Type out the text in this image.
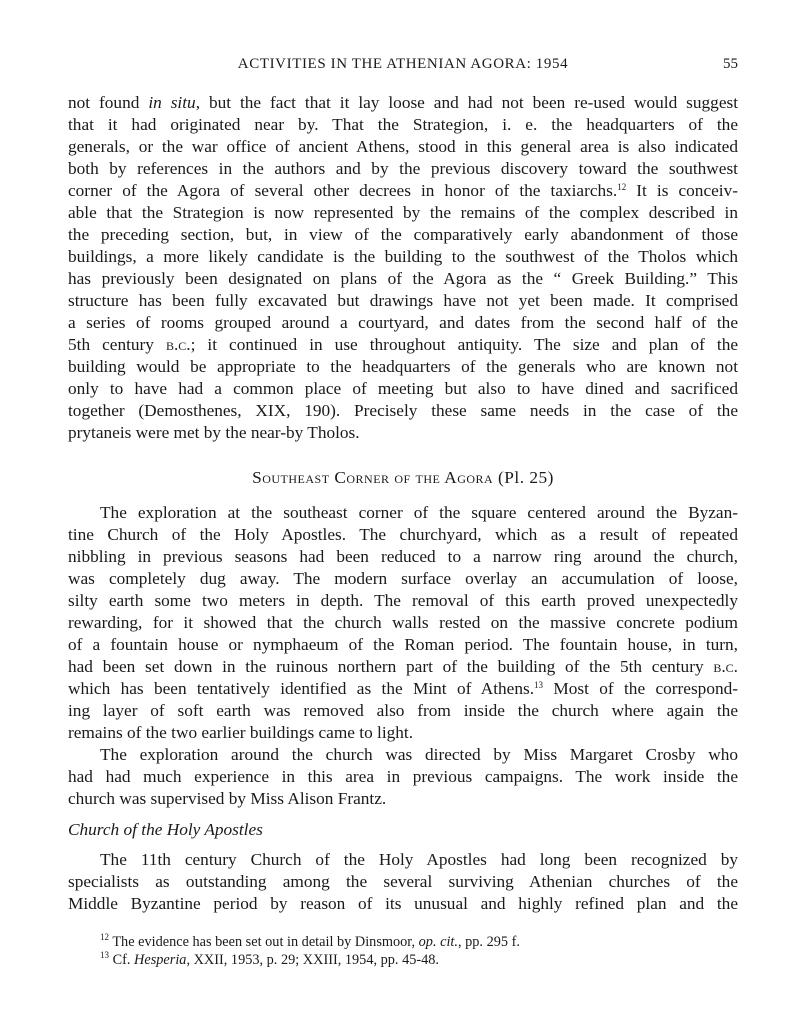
ACTIVITIES IN THE ATHENIAN AGORA: 1954	55
not found in situ, but the fact that it lay loose and had not been re-used would suggest
that it had originated near by. That the Strategion, i. e. the headquarters of the
generals, or the war office of ancient Athens, stood in this general area is also indicated
both by references in the authors and by the previous discovery toward the southwest
corner of the Agora of several other decrees in honor of the taxiarchs.$^{12}$ It is conceiv-
able that the Strategion is now represented by the remains of the complex described in
the preceding section, but, in view of the comparatively early abandonment of those
buildings, a more likely candidate is the building to the southwest of the Tholos which
has previously been designated on plans of the Agora as the “ Greek Building.” This
structure has been fully excavated but drawings have not yet been made. It comprised
a series of rooms grouped around a courtyard, and dates from the second half of the
5th century b.c.; it continued in use throughout antiquity. The size and plan of the
building would be appropriate to the headquarters of the generals who are known not
only to have had a common place of meeting but also to have dined and sacrificed
together (Demosthenes, XIX, 190). Precisely these same needs in the case of the
prytaneis were met by the near-by Tholos.
Southeast Corner of the Agora (Pl. 25)
The exploration at the southeast corner of the square centered around the Byzan-
tine Church of the Holy Apostles. The churchyard, which as a result of repeated
nibbling in previous seasons had been reduced to a narrow ring around the church,
was completely dug away. The modern surface overlay an accumulation of loose,
silty earth some two meters in depth. The removal of this earth proved unexpectedly
rewarding, for it showed that the church walls rested on the massive concrete podium
of a fountain house or nymphaeum of the Roman period. The fountain house, in turn,
had been set down in the ruinous northern part of the building of the 5th century b.c.
which has been tentatively identified as the Mint of Athens.$^{13}$ Most of the correspond-
ing layer of soft earth was removed also from inside the church where again the
remains of the two earlier buildings came to light.
The exploration around the church was directed by Miss Margaret Crosby who
had had much experience in this area in previous campaigns. The work inside the
church was supervised by Miss Alison Frantz.
Church of the Holy Apostles
The 11th century Church of the Holy Apostles had long been recognized by
specialists as outstanding among the several surviving Athenian churches of the
Middle Byzantine period by reason of its unusual and highly refined plan and the
$^{12}$ The evidence has been set out in detail by Dinsmoor, op. cit., pp. 295 f.
$^{13}$ Cf. Hesperia, XXII, 1953, p. 29; XXIII, 1954, pp. 45-48.
